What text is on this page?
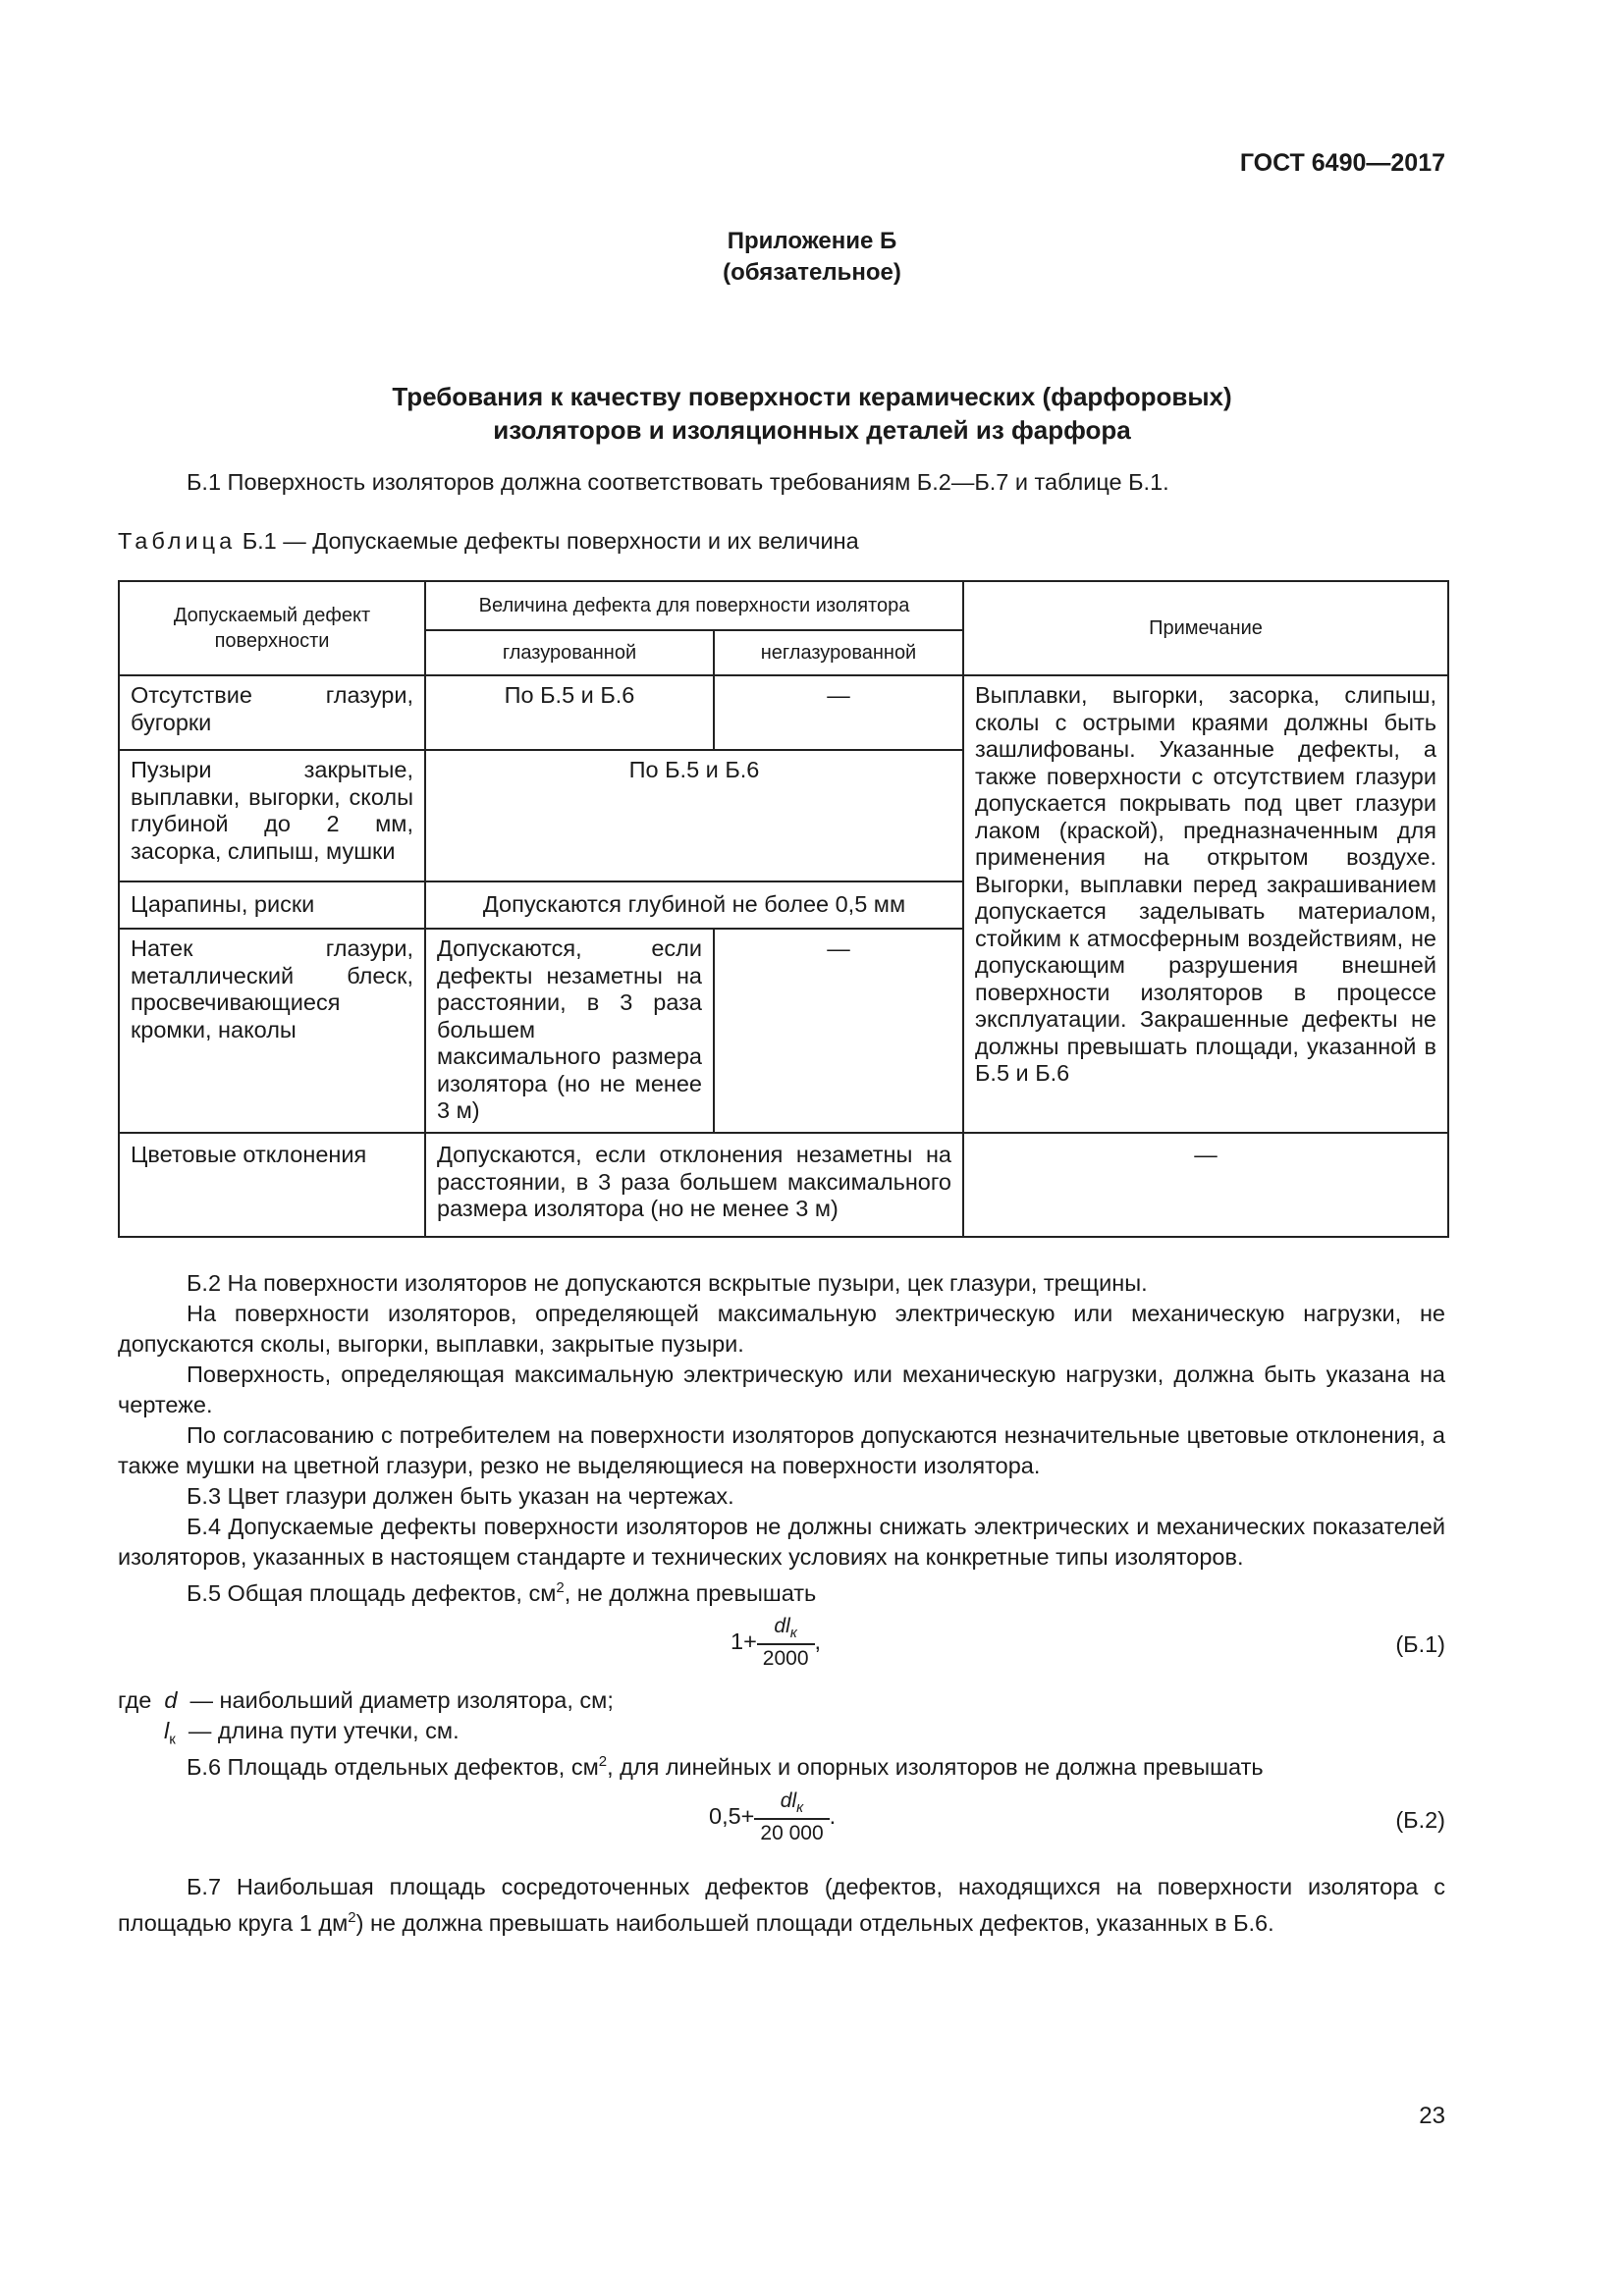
ГОСТ 6490—2017
Приложение Б
(обязательное)
Требования к качеству поверхности керамических (фарфоровых)
изоляторов и изоляционных деталей из фарфора
Б.1 Поверхность изоляторов должна соответствовать требованиям Б.2—Б.7 и таблице Б.1.
Таблица Б.1 — Допускаемые дефекты поверхности и их величина
Допускаемый дефект поверхности	Величина дефекта для поверхности изолятора		Примечание
	глазурованной	неглазурованной	
Отсутствие глазури, бугорки	По Б.5 и Б.6	—	Выплавки, выгорки, засорка, слипыш, сколы с острыми краями должны быть зашлифованы. Указанные дефекты, а также поверхности с отсутствием глазури допускается покрывать под цвет глазури лаком (краской), предназначенным для применения на открытом воздухе. Выгорки, выплавки перед закрашиванием допускается заделывать материалом, стойким к атмосферным воздействиям, не допускающим разрушения внешней поверхности изоляторов в процессе эксплуатации. Закрашенные дефекты не должны превышать площади, указанной в Б.5 и Б.6
Пузыри закрытые, выплавки, выгорки, сколы глубиной до 2 мм, засорка, слипыш, мушки	По Б.5 и Б.6		
Царапины, риски	Допускаются глубиной не более 0,5 мм		
Натек глазури, металлический блеск, просвечивающиеся кромки, наколы	Допускаются, если дефекты незаметны на расстоянии, в 3 раза большем максимального размера изолятора (но не менее 3 м)	—	
Цветовые отклонения	Допускаются, если отклонения незаметны на расстоянии, в 3 раза большем максимального размера изолятора (но не менее 3 м)		—
Б.2 На поверхности изоляторов не допускаются вскрытые пузыри, цек глазури, трещины.
На поверхности изоляторов, определяющей максимальную электрическую или механическую нагрузки, не допускаются сколы, выгорки, выплавки, закрытые пузыри.
Поверхность, определяющая максимальную электрическую или механическую нагрузки, должна быть указана на чертеже.
По согласованию с потребителем на поверхности изоляторов допускаются незначительные цветовые отклонения, а также мушки на цветной глазури, резко не выделяющиеся на поверхности изолятора.
Б.3 Цвет глазури должен быть указан на чертежах.
Б.4 Допускаемые дефекты поверхности изоляторов не должны снижать электрических и механических показателей изоляторов, указанных в настоящем стандарте и технических условиях на конкретные типы изоляторов.
Б.5 Общая площадь дефектов, $см^2$, не должна превышать
$1+ \frac{dl_к}{2000}$ ,	(Б.1)
где d — наибольший диаметр изолятора, см;
$l_к$ — длина пути утечки, см.
Б.6 Площадь отдельных дефектов, $см^2$, для линейных и опорных изоляторов не должна превышать
$0,5+ \frac{dl_к}{20 000}$ .	(Б.2)
Б.7 Наибольшая площадь сосредоточенных дефектов (дефектов, находящихся на поверхности изолятора с площадью круга 1 $дм^2$) не должна превышать наибольшей площади отдельных дефектов, указанных в Б.6.
23
